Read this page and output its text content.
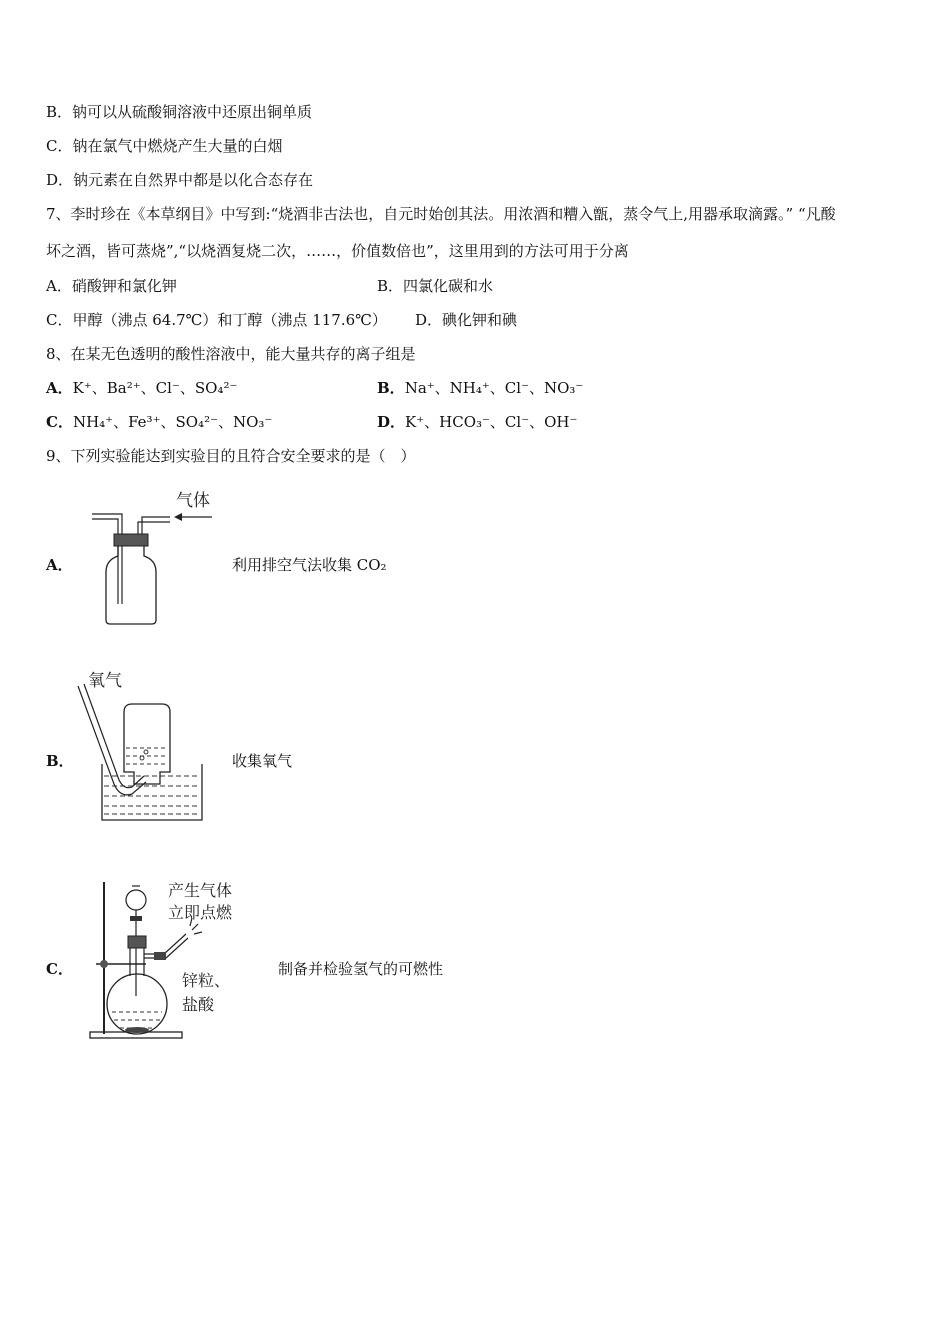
B．钠可以从硫酸铜溶液中还原出铜单质
C．钠在氯气中燃烧产生大量的白烟
D．钠元素在自然界中都是以化合态存在
7、李时珍在《本草纲目》中写到:“烧酒非古法也，自元时始创其法。用浓酒和糟入甑，蒸令气上,用器承取滴露。” “凡酸
坏之酒，皆可蒸烧”,“以烧酒复烧二次，……，价值数倍也”，这里用到的方法可用于分离
A．硝酸钾和氯化钾	B．四氯化碳和水
C．甲醇（沸点 64.7℃）和丁醇（沸点 117.6℃） D．碘化钾和碘
8、在某无色透明的酸性溶液中，能大量共存的离子组是
A．K⁺、Ba²⁺、Cl⁻、SO₄²⁻	B．Na⁺、NH₄⁺、Cl⁻、NO₃⁻
C．NH₄⁺、Fe³⁺、SO₄²⁻、NO₃⁻	D．K⁺、HCO₃⁻、Cl⁻、OH⁻
9、下列实验能达到实验目的且符合安全要求的是（　）
A．
气体
利用排空气法收集 CO₂
B．
氧气
收集氧气
C．
产生气体
立即点燃
锌粒、
盐酸
制备并检验氢气的可燃性
